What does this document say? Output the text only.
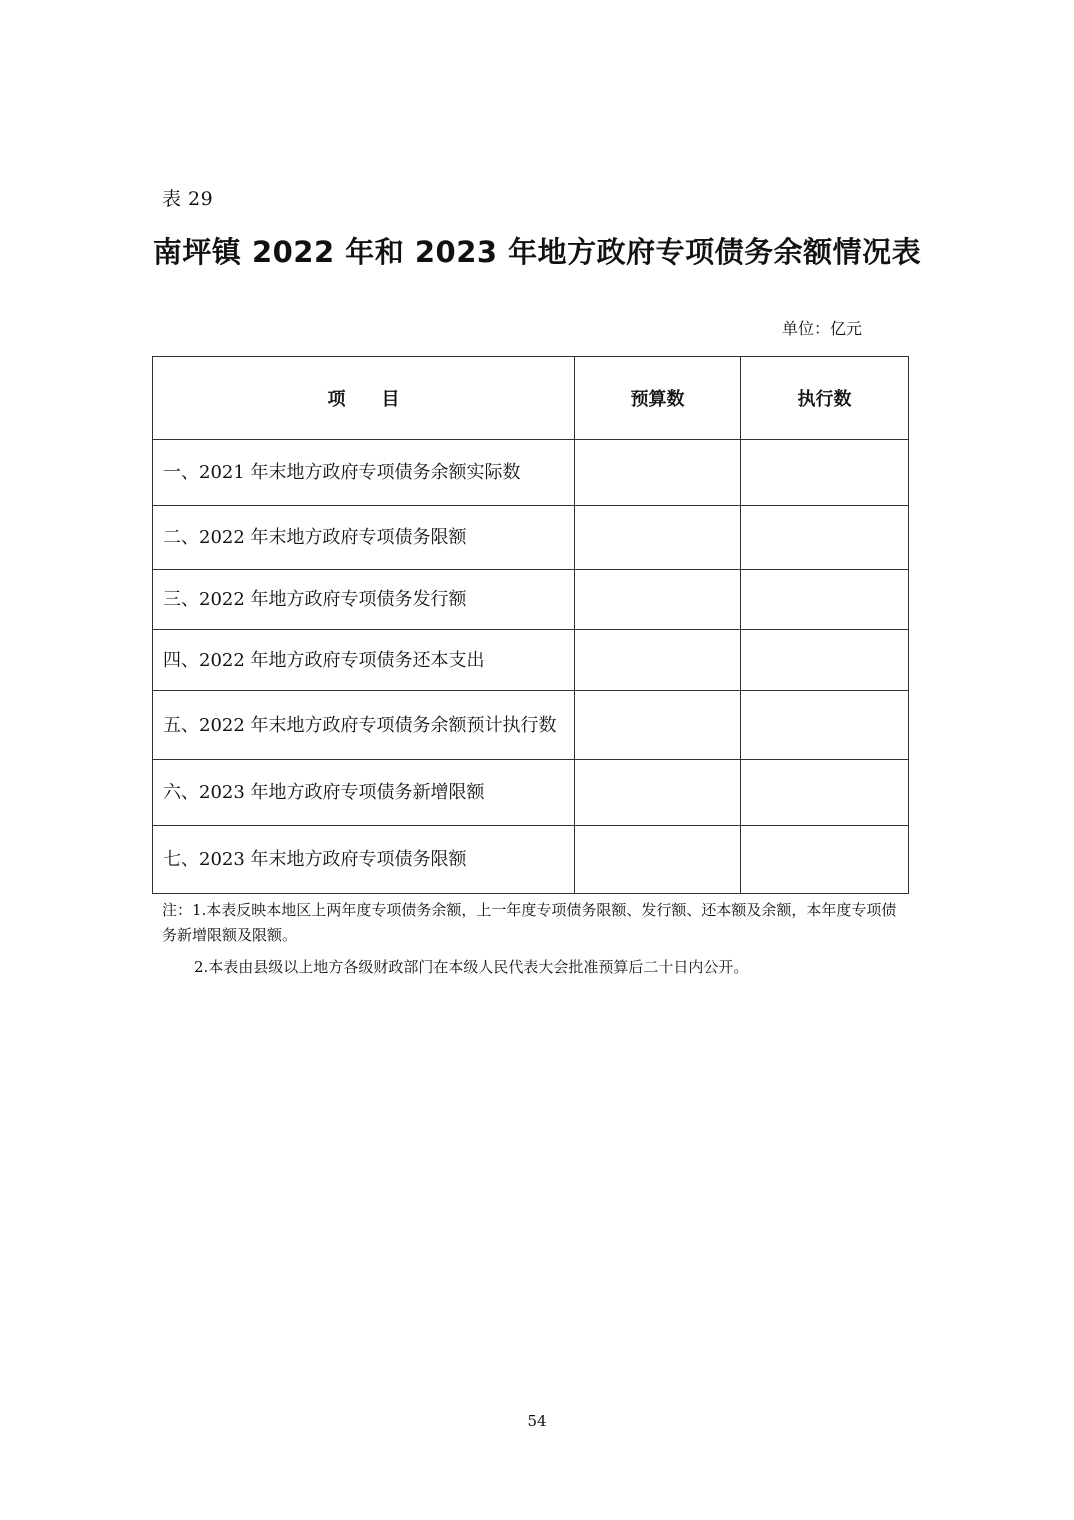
表 29
南坪镇 2022 年和 2023 年地方政府专项债务余额情况表
单位：亿元
项　　目	预算数	执行数
一、2021 年末地方政府专项债务余额实际数		
二、2022 年末地方政府专项债务限额		
三、2022 年地方政府专项债务发行额		
四、2022 年地方政府专项债务还本支出		
五、2022 年末地方政府专项债务余额预计执行数		
六、2023 年地方政府专项债务新增限额		
七、2023 年末地方政府专项债务限额		
注：1.本表反映本地区上两年度专项债务余额，上一年度专项债务限额、发行额、还本额及余额，本年度专项债务新增限额及限额。
2.本表由县级以上地方各级财政部门在本级人民代表大会批准预算后二十日内公开。
54
